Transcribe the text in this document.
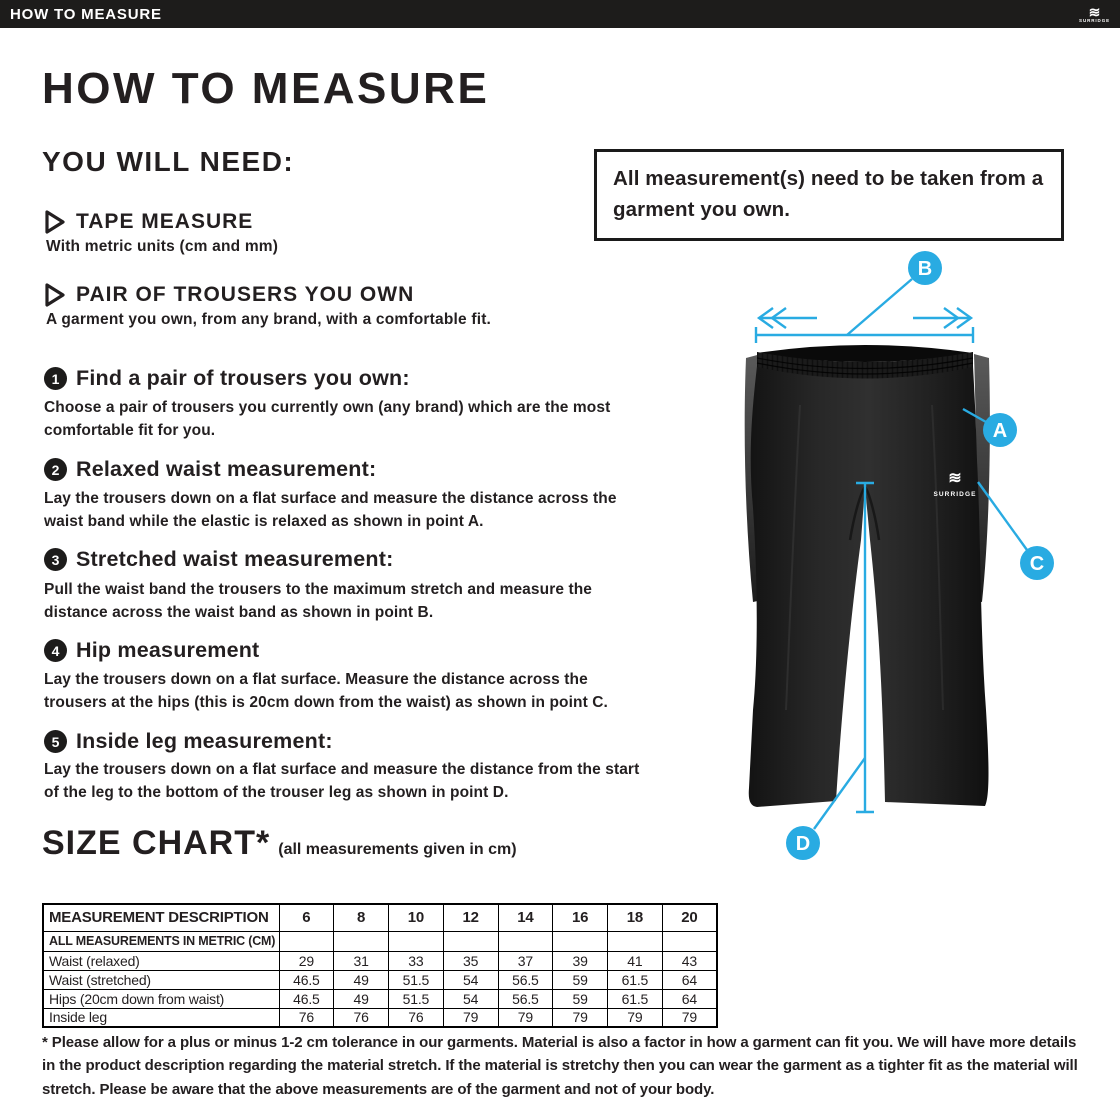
HOW TO MEASURE	≋
SURRIDGE
HOW TO MEASURE
YOU WILL NEED:
TAPE MEASURE
With metric units (cm and mm)
PAIR OF TROUSERS YOU OWN
A garment you own, from any brand, with a comfortable fit.
All measurement(s) need to be taken from a garment you own.
1 Find a pair of trousers you own:
Choose a pair of trousers you currently own (any brand) which are the most comfortable fit for you.
2 Relaxed waist measurement:
Lay the trousers down on a flat surface and measure the distance across the waist band while the elastic is relaxed as shown in point A.
3 Stretched waist measurement:
Pull the waist band the trousers to the maximum stretch and measure the distance across the waist band as shown in point B.
4 Hip measurement
Lay the trousers down on a flat surface. Measure the distance across the trousers at the hips (this is 20cm down from the waist) as shown in point C.
5 Inside leg measurement:
Lay the trousers down on a flat surface and measure the distance from the start of the leg to the bottom of the trouser leg as shown in point D.
SIZE CHART* (all measurements given in cm)
MEASUREMENT DESCRIPTION	6	8	10	12	14	16	18	20
ALL MEASUREMENTS IN METRIC (CM)								
Waist (relaxed)	29	31	33	35	37	39	41	43
Waist (stretched)	46.5	49	51.5	54	56.5	59	61.5	64
Hips (20cm down from waist)	46.5	49	51.5	54	56.5	59	61.5	64
Inside leg	76	76	76	79	79	79	79	79
* Please allow for a plus or minus 1-2 cm tolerance in our garments. Material is also a factor in how a garment can fit you. We will have more details in the product description regarding the material stretch. If the material is stretchy then you can wear the garment as a tighter fit as the material will stretch. Please be aware that the above measurements are of the garment and not of your body.
≋
SURRIDGE
B
A
C
D
